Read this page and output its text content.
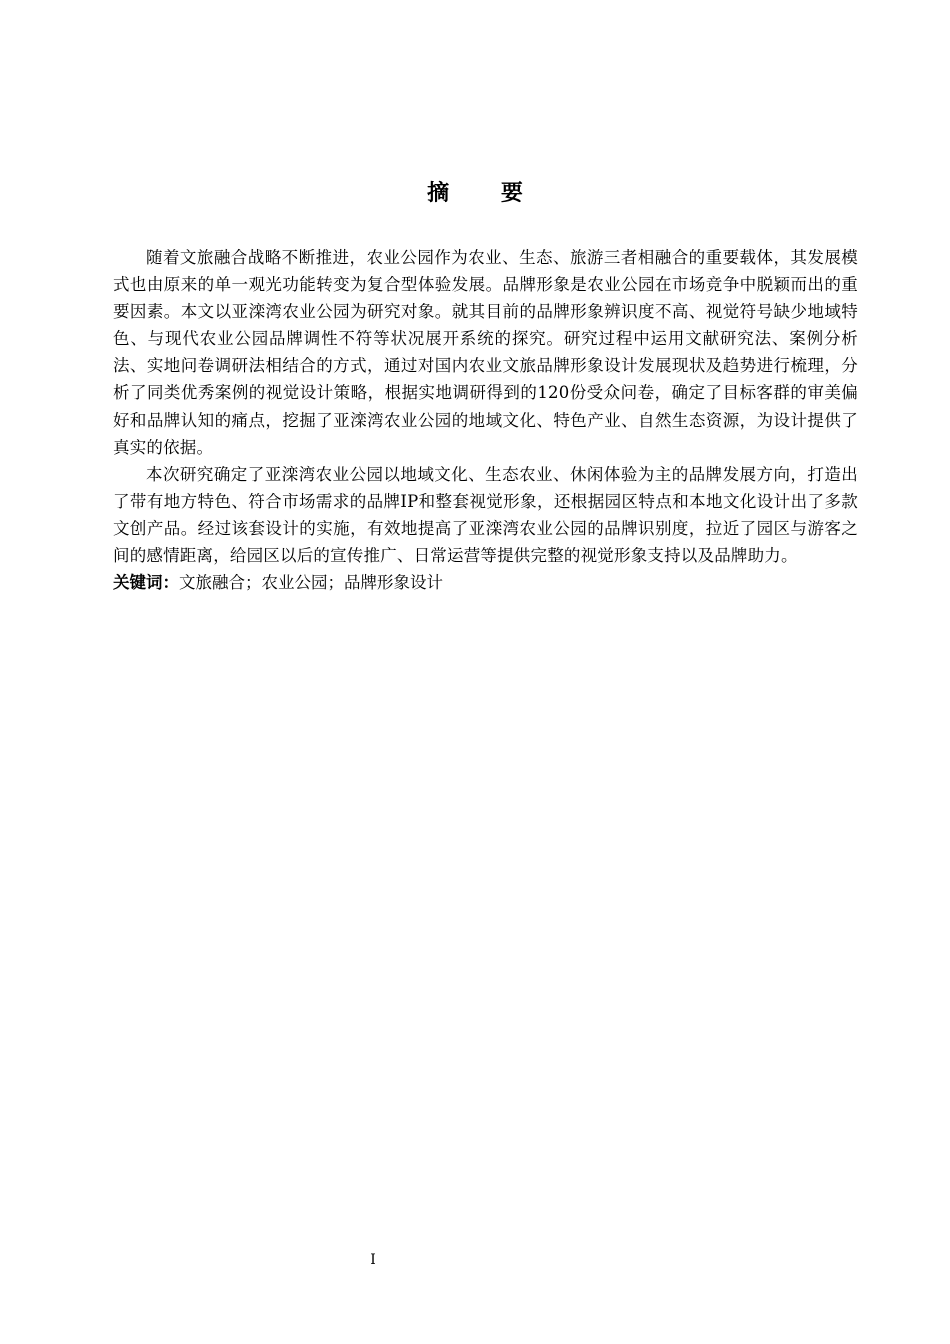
摘 要

随着文旅融合战略不断推进，农业公园作为农业、生态、旅游三者相融合的重要载体，其发展模式也由原来的单一观光功能转变为复合型体验发展。品牌形象是农业公园在市场竞争中脱颖而出的重要因素。本文以亚滦湾农业公园为研究对象。就其目前的品牌形象辨识度不高、视觉符号缺少地域特色、与现代农业公园品牌调性不符等状况展开系统的探究。研究过程中运用文献研究法、案例分析法、实地问卷调研法相结合的方式，通过对国内农业文旅品牌形象设计发展现状及趋势进行梳理，分析了同类优秀案例的视觉设计策略，根据实地调研得到的120份受众问卷，确定了目标客群的审美偏好和品牌认知的痛点，挖掘了亚滦湾农业公园的地域文化、特色产业、自然生态资源，为设计提供了真实的依据。

本次研究确定了亚滦湾农业公园以地域文化、生态农业、休闲体验为主的品牌发展方向，打造出了带有地方特色、符合市场需求的品牌IP和整套视觉形象，还根据园区特点和本地文化设计出了多款文创产品。经过该套设计的实施，有效地提高了亚滦湾农业公园的品牌识别度，拉近了园区与游客之间的感情距离，给园区以后的宣传推广、日常运营等提供完整的视觉形象支持以及品牌助力。

关键词：文旅融合；农业公园；品牌形象设计

I
